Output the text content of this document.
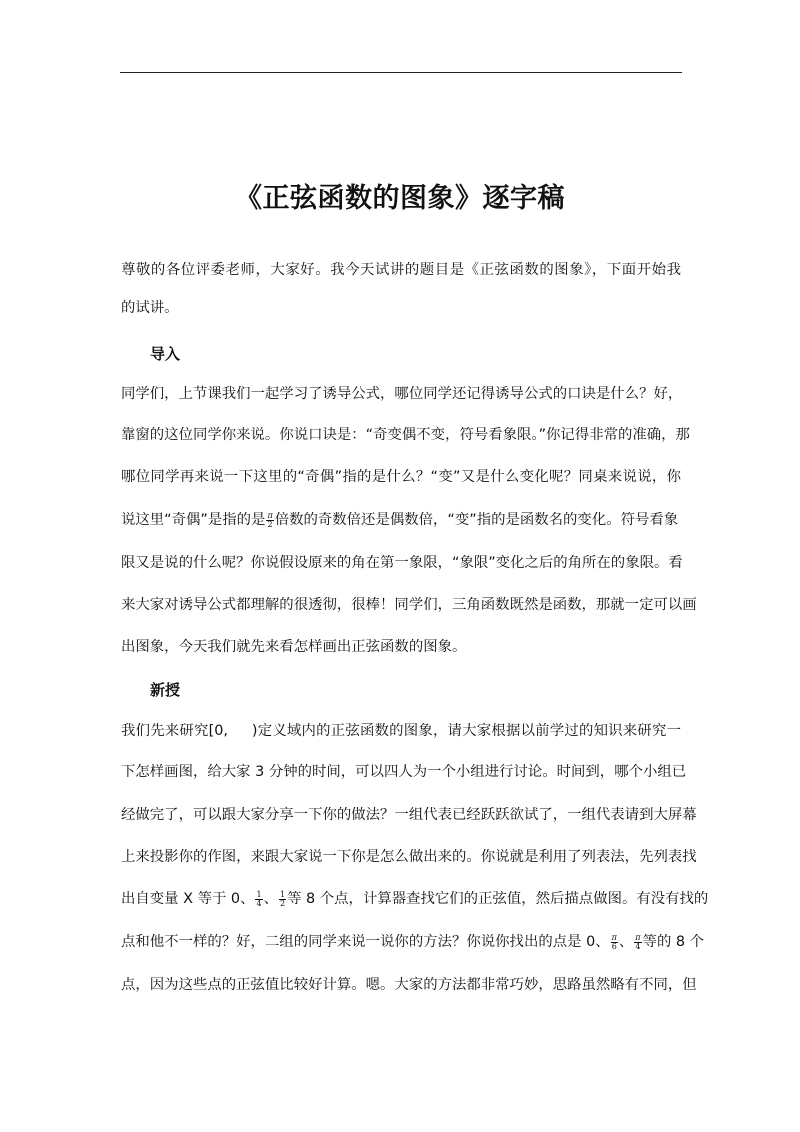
《正弦函数的图象》逐字稿
尊敬的各位评委老师，大家好。我今天试讲的题目是《正弦函数的图象》，下面开始我
的试讲。
导入
同学们，上节课我们一起学习了诱导公式，哪位同学还记得诱导公式的口诀是什么？好，
靠窗的这位同学你来说。你说口诀是：“奇变偶不变，符号看象限。”你记得非常的准确，那
哪位同学再来说一下这里的“奇偶”指的是什么？“变”又是什么变化呢？同桌来说说，你
说这里“奇偶”是指的是 $\frac{\pi}{2}$ 倍数的奇数倍还是偶数倍，“变”指的是函数名的变化。符号看象
限又是说的什么呢？你说假设原来的角在第一象限，“象限”变化之后的角所在的象限。看
来大家对诱导公式都理解的很透彻，很棒！同学们，三角函数既然是函数，那就一定可以画
出图象，今天我们就先来看怎样画出正弦函数的图象。
新授
我们先来研究[0,     )定义域内的正弦函数的图象，请大家根据以前学过的知识来研究一
下怎样画图，给大家 3 分钟的时间，可以四人为一个小组进行讨论。时间到，哪个小组已
经做完了，可以跟大家分享一下你的做法？一组代表已经跃跃欲试了，一组代表请到大屏幕
上来投影你的作图，来跟大家说一下你是怎么做出来的。你说就是利用了列表法，先列表找
出自变量 X 等于 0、 $\frac{1}{4}$ 、 $\frac{1}{2}$ 等 8 个点，计算器查找它们的正弦值，然后描点做图。有没有找的
点和他不一样的？好，二组的同学来说一说你的方法？你说你找出的点是 0、 $\frac{\pi}{6}$ 、 $\frac{\pi}{4}$ 等的 8 个
点，因为这些点的正弦值比较好计算。嗯。大家的方法都非常巧妙，思路虽然略有不同，但
